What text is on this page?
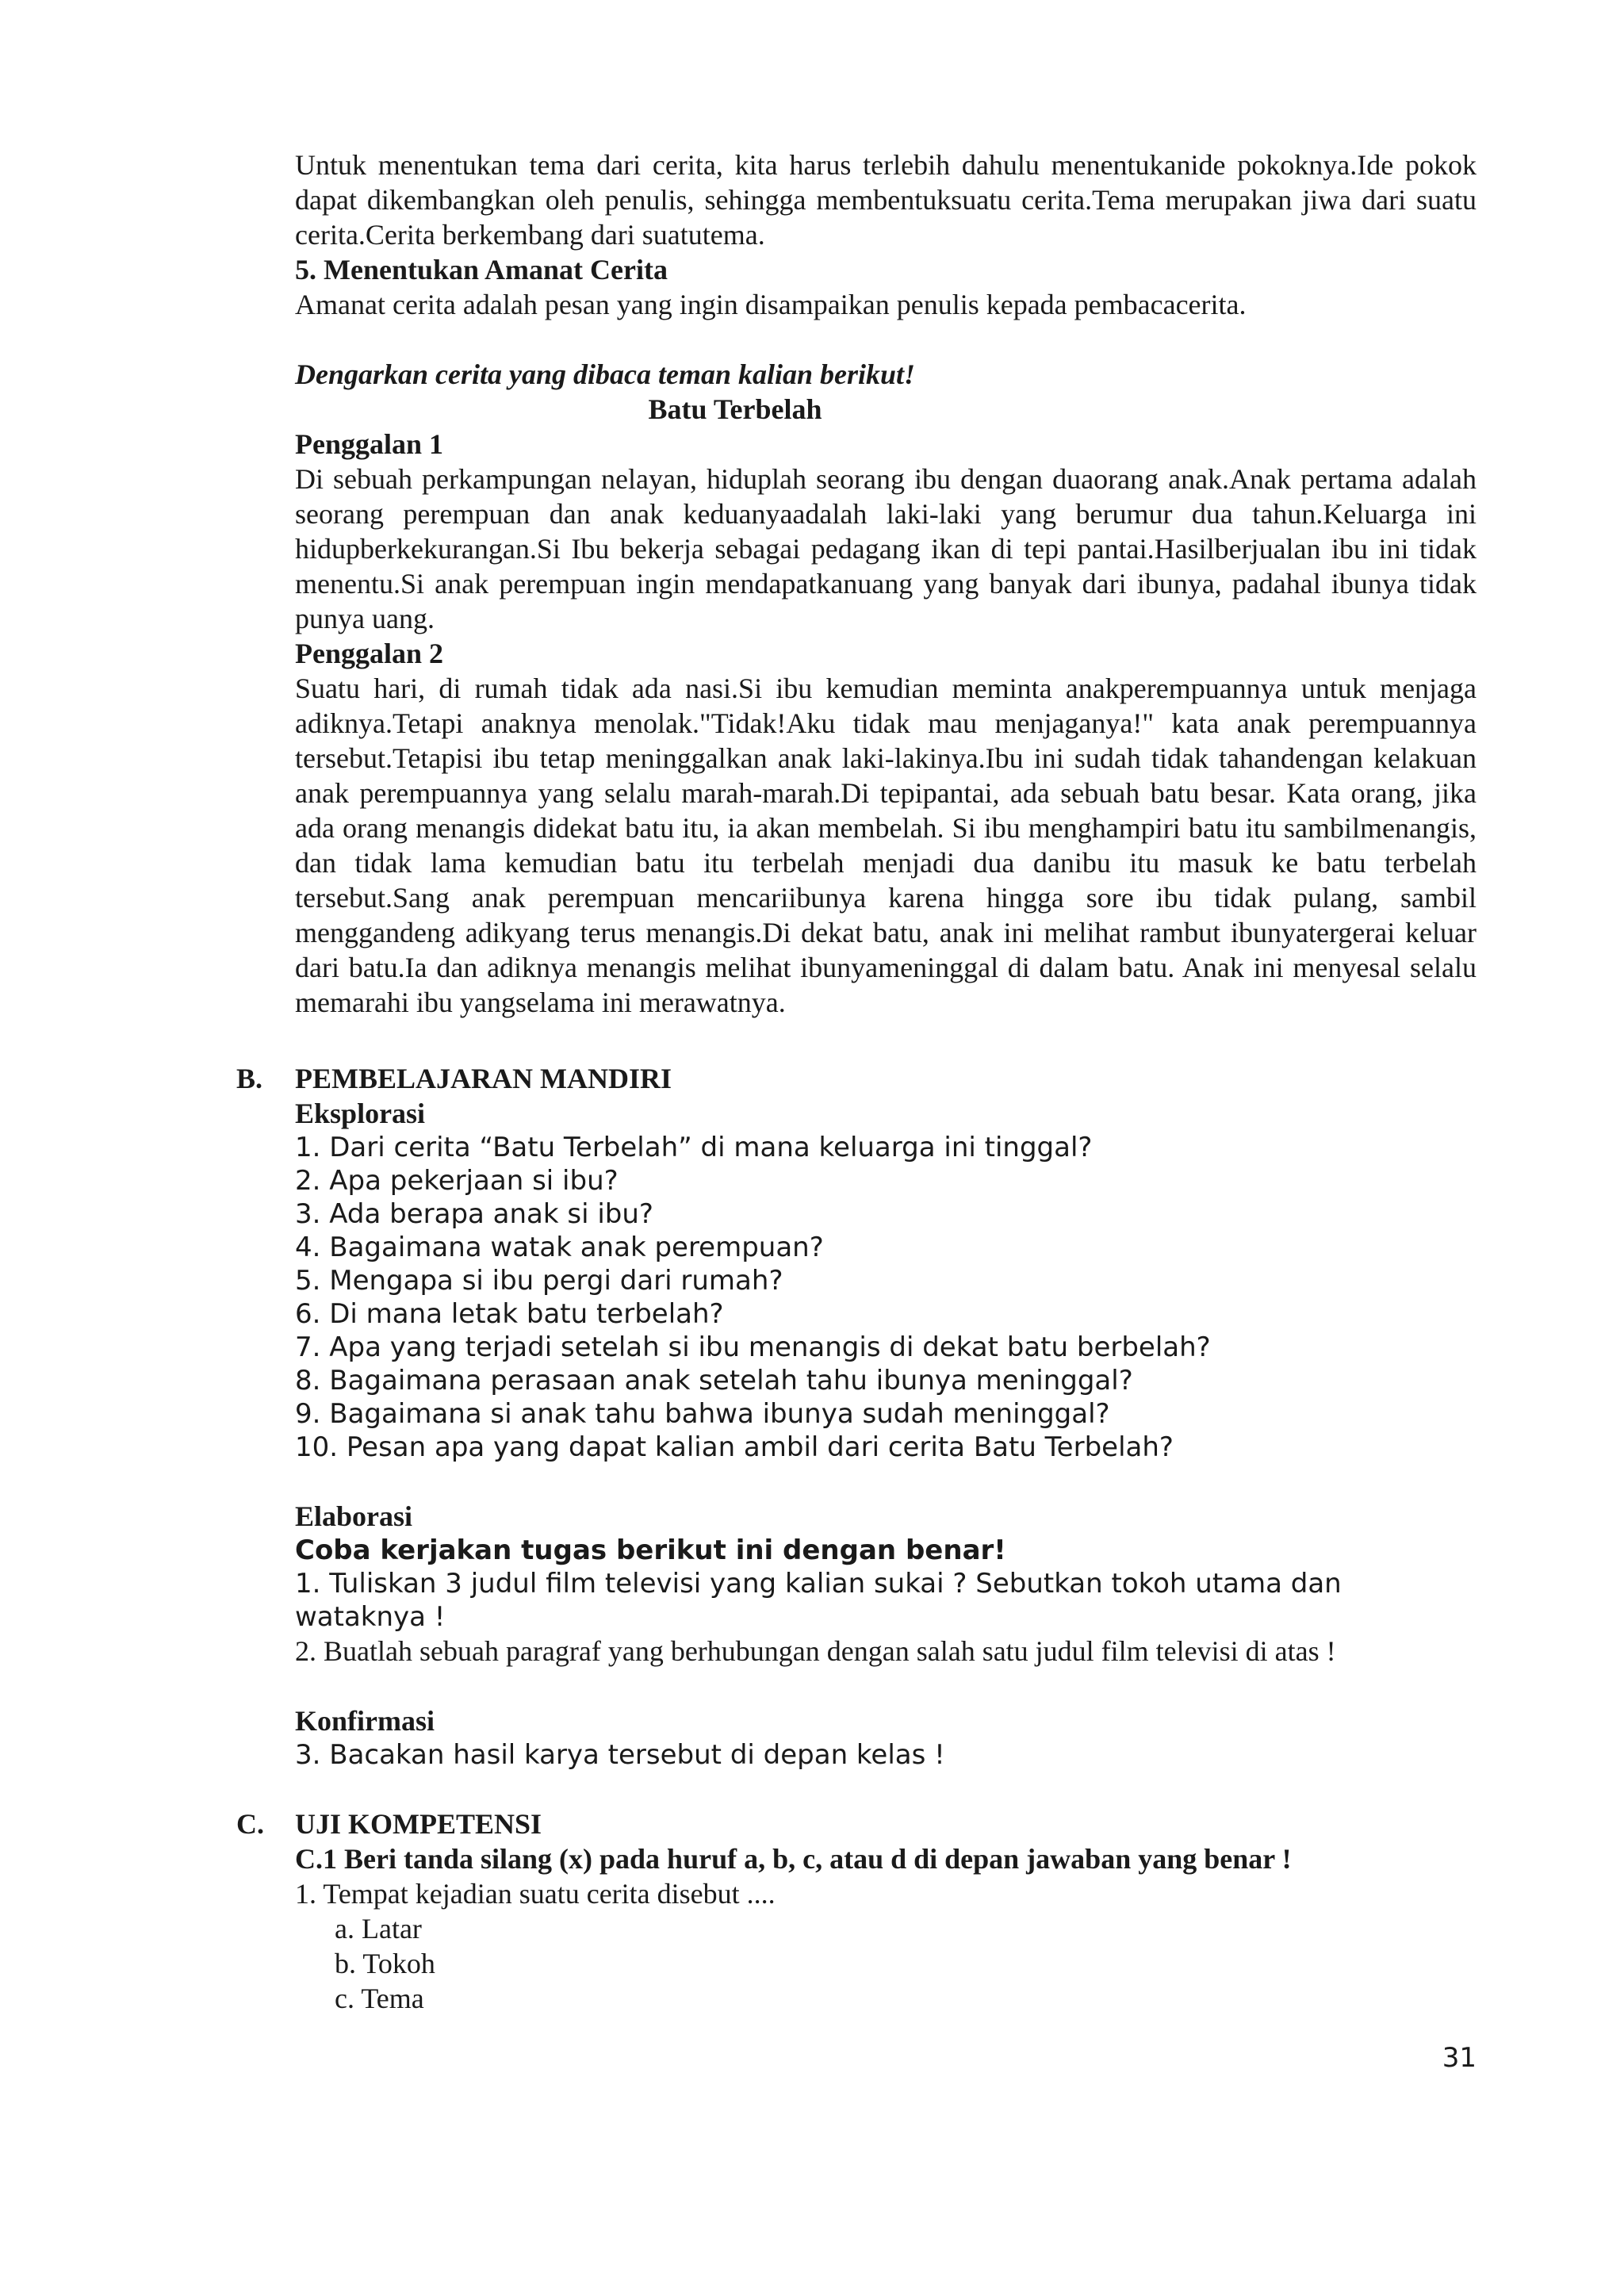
Untuk menentukan tema dari cerita, kita harus terlebih dahulu menentukanide pokoknya.Ide pokok dapat dikembangkan oleh penulis, sehingga membentuksuatu cerita.Tema merupakan jiwa dari suatu cerita.Cerita berkembang dari suatutema.

5. Menentukan Amanat Cerita

Amanat cerita adalah pesan yang ingin disampaikan penulis kepada pembacacerita.

Dengarkan cerita yang dibaca teman kalian berikut!

Batu Terbelah

Penggalan 1

Di sebuah perkampungan nelayan, hiduplah seorang ibu dengan duaorang anak.Anak pertama adalah seorang perempuan dan anak keduanyaadalah laki-laki yang berumur dua tahun.Keluarga ini hidupberkekurangan.Si Ibu bekerja sebagai pedagang ikan di tepi pantai.Hasilberjualan ibu ini tidak menentu.Si anak perempuan ingin mendapatkanuang yang banyak dari ibunya, padahal ibunya tidak punya uang.

Penggalan 2

Suatu hari, di rumah tidak ada nasi.Si ibu kemudian meminta anakperempuannya untuk menjaga adiknya.Tetapi anaknya menolak."Tidak!Aku tidak mau menjaganya!" kata anak perempuannya tersebut.Tetapisi ibu tetap meninggalkan anak laki-lakinya.Ibu ini sudah tidak tahandengan kelakuan anak perempuannya yang selalu marah-marah.Di tepipantai, ada sebuah batu besar. Kata orang, jika ada orang menangis didekat batu itu, ia akan membelah. Si ibu menghampiri batu itu sambilmenangis, dan tidak lama kemudian batu itu terbelah menjadi dua danibu itu masuk ke batu terbelah tersebut.Sang anak perempuan mencariibunya karena hingga sore ibu tidak pulang, sambil menggandeng adikyang terus menangis.Di dekat batu, anak ini melihat rambut ibunyatergerai keluar dari batu.Ia dan adiknya menangis melihat ibunyameninggal di dalam batu. Anak ini menyesal selalu memarahi ibu yangselama ini merawatnya.

B. PEMBELAJARAN MANDIRI

Eksplorasi

1. Dari cerita “Batu Terbelah” di mana keluarga ini tinggal?

2. Apa pekerjaan si ibu?

3. Ada berapa anak si ibu?

4. Bagaimana watak anak perempuan?

5. Mengapa si ibu pergi dari rumah?

6. Di mana letak batu terbelah?

7. Apa yang terjadi setelah si ibu menangis di dekat batu berbelah?

8. Bagaimana perasaan anak setelah tahu ibunya meninggal?

9. Bagaimana si anak tahu bahwa ibunya sudah meninggal?

10. Pesan apa yang dapat kalian ambil dari cerita Batu Terbelah?

Elaborasi

Coba kerjakan tugas berikut ini dengan benar!

1. Tuliskan 3 judul film televisi yang kalian sukai ? Sebutkan tokoh utama dan wataknya !

2. Buatlah sebuah paragraf yang berhubungan dengan salah satu judul film televisi di atas !

Konfirmasi

3. Bacakan hasil karya tersebut di depan kelas !

C. UJI KOMPETENSI

C.1 Beri tanda silang (x) pada huruf a, b, c, atau d di depan jawaban yang benar !

1. Tempat kejadian suatu cerita disebut ....

a. Latar

b. Tokoh

c. Tema

31
